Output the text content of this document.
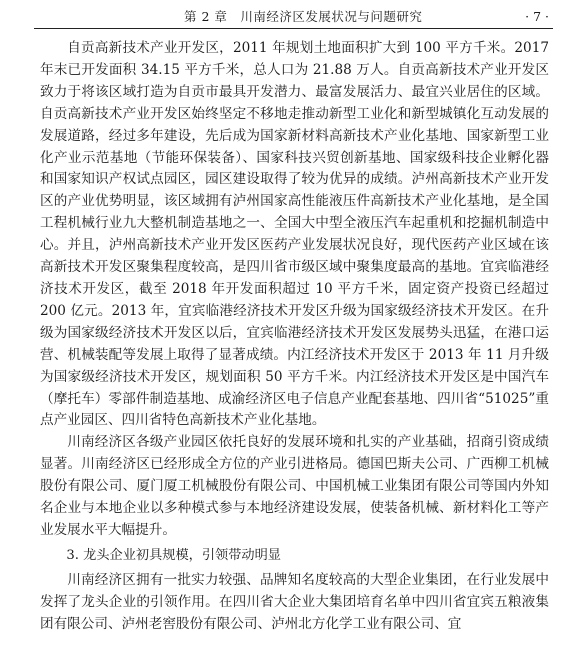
第 2 章　川南经济区发展状况与问题研究	· 7 ·

自贡高新技术产业开发区，2011 年规划土地面积扩大到 100 平方千米。2017 年末已开发面积 34.15 平方千米，总人口为 21.88 万人。自贡高新技术产业开发区致力于将该区域打造为自贡市最具开发潜力、最富发展活力、最宜兴业居住的区域。自贡高新技术产业开发区始终坚定不移地走推动新型工业化和新型城镇化互动发展的发展道路，经过多年建设，先后成为国家新材料高新技术产业化基地、国家新型工业化产业示范基地（节能环保装备）、国家科技兴贸创新基地、国家级科技企业孵化器和国家知识产权试点园区，园区建设取得了较为优异的成绩。泸州高新技术产业开发区的产业优势明显，该区域拥有泸州国家高性能液压件高新技术产业化基地，是全国工程机械行业九大整机制造基地之一、全国大中型全液压汽车起重机和挖掘机制造中心。并且，泸州高新技术产业开发区医药产业发展状况良好，现代医药产业区域在该高新技术开发区聚集程度较高，是四川省市级区域中聚集度最高的基地。宜宾临港经济技术开发区，截至 2018 年开发面积超过 10 平方千米，固定资产投资已经超过 200 亿元。2013 年，宜宾临港经济技术开发区升级为国家级经济技术开发区。在升级为国家级经济技术开发区以后，宜宾临港经济技术开发区发展势头迅猛，在港口运营、机械装配等发展上取得了显著成绩。内江经济技术开发区于 2013 年 11 月升级为国家级经济技术开发区，规划面积 50 平方千米。内江经济技术开发区是中国汽车（摩托车）零部件制造基地、成渝经济区电子信息产业配套基地、四川省“51025”重点产业园区、四川省特色高新技术产业化基地。

川南经济区各级产业园区依托良好的发展环境和扎实的产业基础，招商引资成绩显著。川南经济区已经形成全方位的产业引进格局。德国巴斯夫公司、广西柳工机械股份有限公司、厦门厦工机械股份有限公司、中国机械工业集团有限公司等国内外知名企业与本地企业以多种模式参与本地经济建设发展，使装备机械、新材料化工等产业发展水平大幅提升。

3. 龙头企业初具规模，引领带动明显

川南经济区拥有一批实力较强、品牌知名度较高的大型企业集团，在行业发展中发挥了龙头企业的引领作用。在四川省大企业大集团培育名单中四川省宜宾五粮液集团有限公司、泸州老窖股份有限公司、泸州北方化学工业有限公司、宜
